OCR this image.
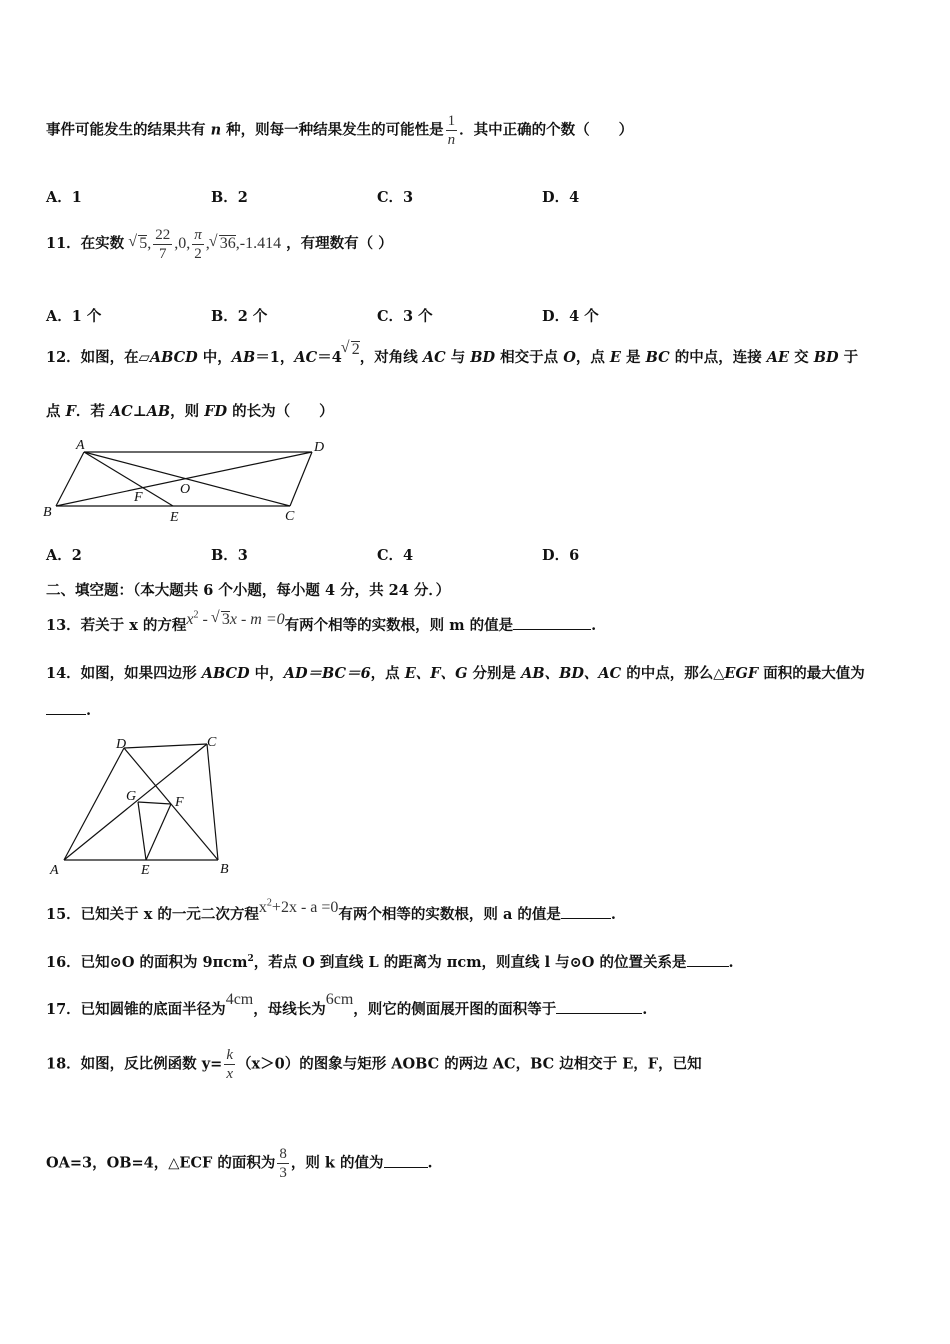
事件可能发生的结果共有 n 种，则每一种结果发生的可能性是 $\frac{1}{n}$ ．其中正确的个数（　　）
A．1	B．2	C．3	D．4
11．在实数 √ 5, $\frac{22}{7} ,0$, $\frac{\pi}{2}$ , √ 36,-1.414 ，有理数有（ ）
A．1 个	B．2 个	C．3 个	D．4 个
12．如图，在▱ABCD 中，AB＝1，AC＝4 √ 2，对角线 AC 与 BD 相交于点 O，点 E 是 BC 的中点，连接 AE 交 BD 于
点 F．若 AC⊥AB，则 FD 的长为（　　）
A	D
B	C
F
O
E
A．2	B．3	C．4	D．6
二、填空题：（本大题共 6 个小题，每小题 4 分，共 24 分．）
13．若关于 x 的方程$x^2$ - √ 3x - m =0有两个相等的实数根，则 m 的值是	.
14．如图，如果四边形 ABCD 中，AD＝BC＝6，点 E、F、G 分别是 AB、BD、AC 的中点，那么△EGF 面积的最大值为
.
D	C
G	F
A	E	B
15．已知关于 x 的一元二次方程$x^2+2x - a =0$有两个相等的实数根，则 a 的值是	.
16．已知⊙O 的面积为 9πcm$^2$，若点 O 到直线 L 的距离为 πcm，则直线 l 与⊙O 的位置关系是	.
17．已知圆锥的底面半径为4cm，母线长为6cm，则它的侧面展开图的面积等于	.
18．如图，反比例函数 $y= \frac{k}{x} (x>0)$的图象与矩形 AOBC 的两边 AC，BC 边相交于 E，F，已知
OA=3，OB=4，△ECF 的面积为 $\frac{8}{3}$ ，则 k 的值为	.
